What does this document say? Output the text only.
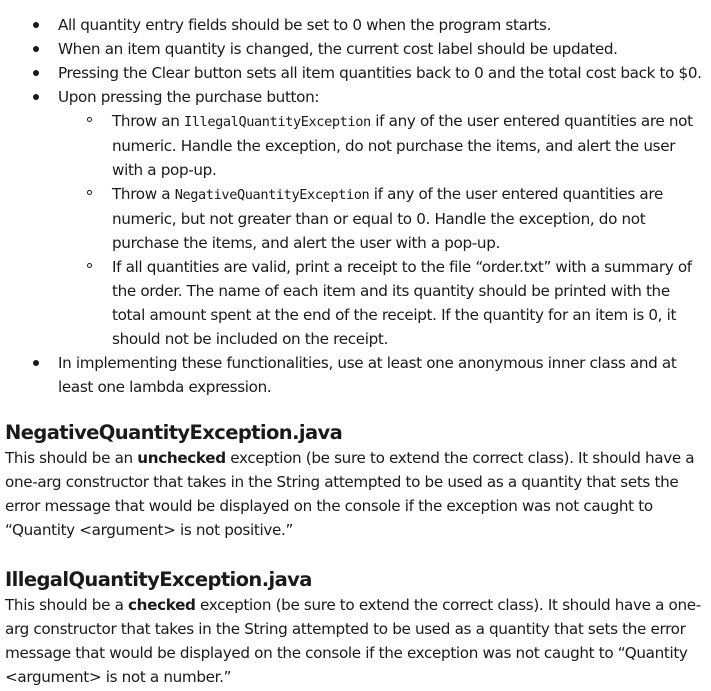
All quantity entry fields should be set to 0 when the program starts.
When an item quantity is changed, the current cost label should be updated.
Pressing the Clear button sets all item quantities back to 0 and the total cost back to $0.
Upon pressing the purchase button:
Throw an IllegalQuantityException if any of the user entered quantities are not numeric. Handle the exception, do not purchase the items, and alert the user with a pop-up.
Throw a NegativeQuantityException if any of the user entered quantities are numeric, but not greater than or equal to 0. Handle the exception, do not purchase the items, and alert the user with a pop-up.
If all quantities are valid, print a receipt to the file “order.txt” with a summary of the order. The name of each item and its quantity should be printed with the total amount spent at the end of the receipt. If the quantity for an item is 0, it should not be included on the receipt.
In implementing these functionalities, use at least one anonymous inner class and at least one lambda expression.
NegativeQuantityException.java

This should be an unchecked exception (be sure to extend the correct class). It should have a one-arg constructor that takes in the String attempted to be used as a quantity that sets the error message that would be displayed on the console if the exception was not caught to “Quantity <argument> is not positive.”

IllegalQuantityException.java

This should be a checked exception (be sure to extend the correct class). It should have a one-arg constructor that takes in the String attempted to be used as a quantity that sets the error message that would be displayed on the console if the exception was not caught to “Quantity <argument> is not a number.”
